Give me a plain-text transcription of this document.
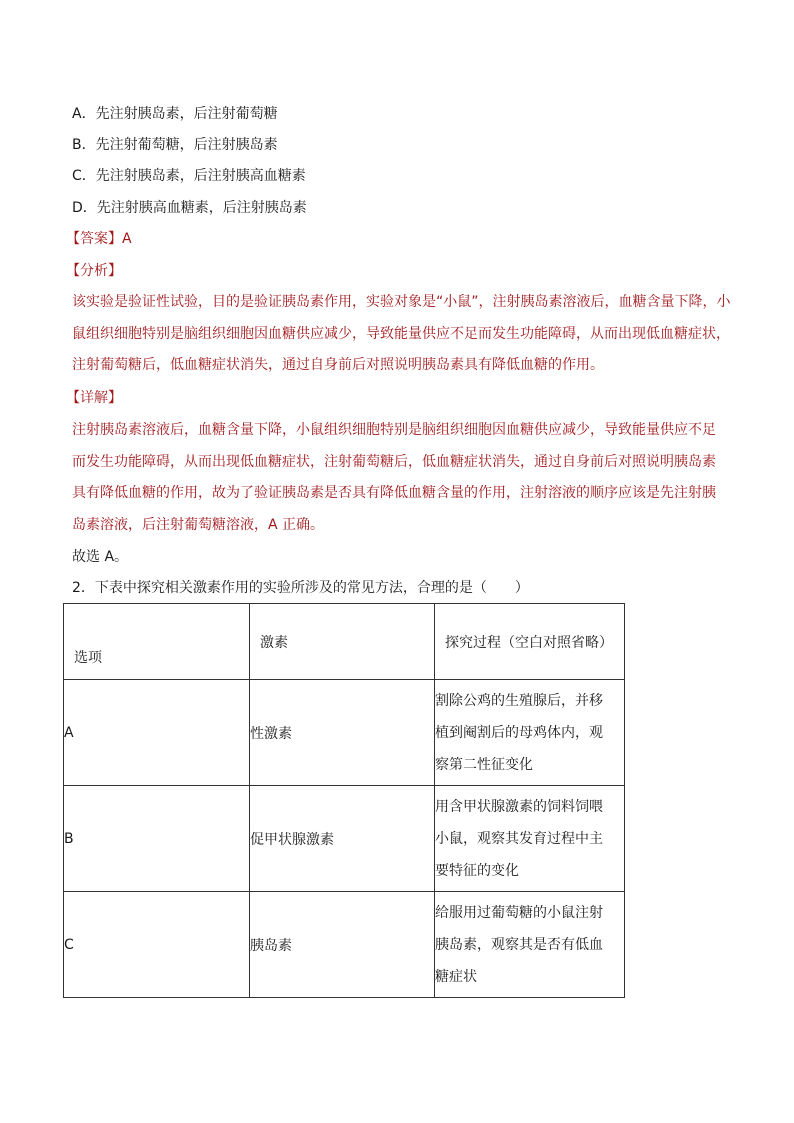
A．先注射胰岛素，后注射葡萄糖
B．先注射葡萄糖，后注射胰岛素
C．先注射胰岛素，后注射胰高血糖素
D．先注射胰高血糖素，后注射胰岛素
【答案】A
【分析】
该实验是验证性试验，目的是验证胰岛素作用，实验对象是“小鼠”，注射胰岛素溶液后，血糖含量下降，小
鼠组织细胞特别是脑组织细胞因血糖供应减少，导致能量供应不足而发生功能障碍，从而出现低血糖症状，
注射葡萄糖后，低血糖症状消失，通过自身前后对照说明胰岛素具有降低血糖的作用。
【详解】
注射胰岛素溶液后，血糖含量下降，小鼠组织细胞特别是脑组织细胞因血糖供应减少，导致能量供应不足
而发生功能障碍，从而出现低血糖症状，注射葡萄糖后，低血糖症状消失，通过自身前后对照说明胰岛素
具有降低血糖的作用，故为了验证胰岛素是否具有降低血糖含量的作用，注射溶液的顺序应该是先注射胰
岛素溶液，后注射葡萄糖溶液，A 正确。
故选 A。
2．下表中探究相关激素作用的实验所涉及的常见方法，合理的是（　　）
选项	激素	探究过程（空白对照省略）

A	性激素	割除公鸡的生殖腺后，并移
植到阉割后的母鸡体内，观
察第二性征变化

B	促甲状腺激素	用含甲状腺激素的饲料饲喂
小鼠，观察其发育过程中主
要特征的变化

C	胰岛素	给服用过葡萄糖的小鼠注射
胰岛素，观察其是否有低血
糖症状
